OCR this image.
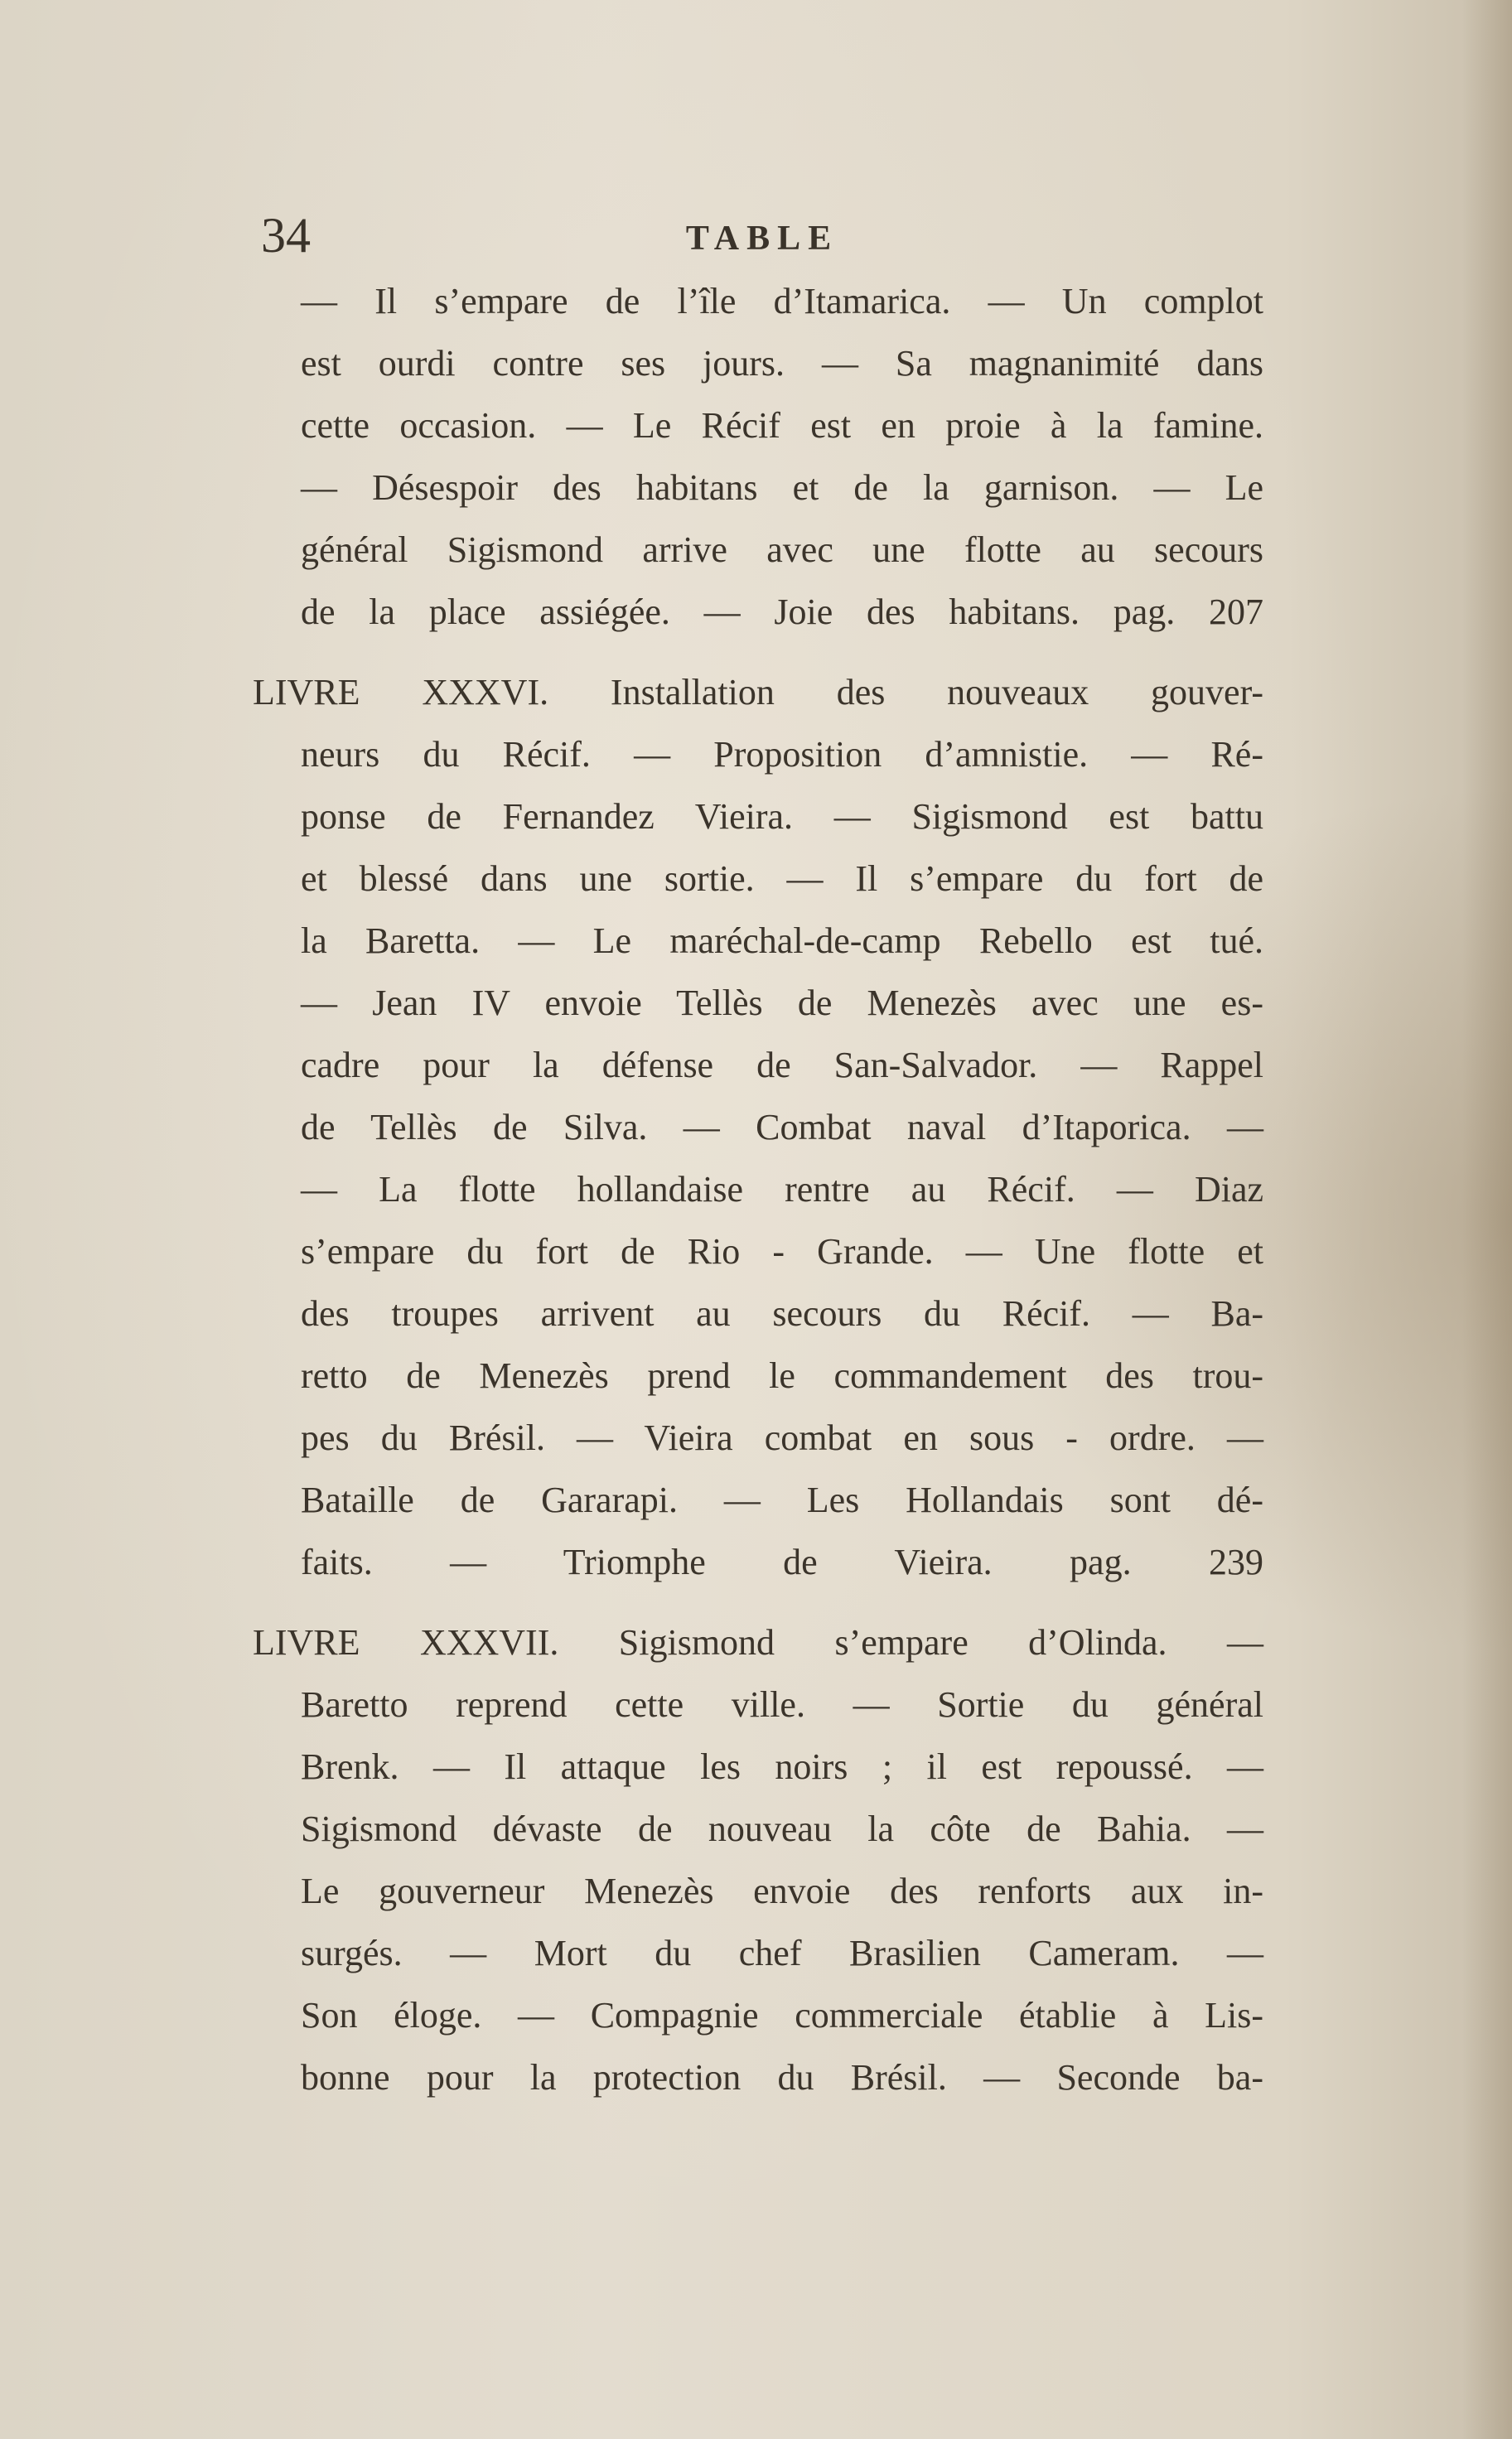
34	TABLE
— Il s’empare de l’île d’Itamarica. — Un complot
est ourdi contre ses jours. — Sa magnanimité dans
cette occasion. — Le Récif est en proie à la famine.
— Désespoir des habitans et de la garnison. — Le
général Sigismond arrive avec une flotte au secours
de la place assiégée. — Joie des habitans. pag. 207
LIVRE XXXVI. Installation des nouveaux gouver-
neurs du Récif. — Proposition d’amnistie. — Ré-
ponse de Fernandez Vieira. — Sigismond est battu
et blessé dans une sortie. — Il s’empare du fort de
la Baretta. — Le maréchal-de-camp Rebello est tué.
— Jean IV envoie Tellès de Menezès avec une es-
cadre pour la défense de San-Salvador. — Rappel
de Tellès de Silva. — Combat naval d’Itaporica. —
— La flotte hollandaise rentre au Récif. — Diaz
s’empare du fort de Rio - Grande. — Une flotte et
des troupes arrivent au secours du Récif. — Ba-
retto de Menezès prend le commandement des trou-
pes du Brésil. — Vieira combat en sous - ordre. —
Bataille de Gararapi. — Les Hollandais sont dé-
faits. — Triomphe de Vieira. pag. 239
LIVRE XXXVII. Sigismond s’empare d’Olinda. —
Baretto reprend cette ville. — Sortie du général
Brenk. — Il attaque les noirs ; il est repoussé. —
Sigismond dévaste de nouveau la côte de Bahia. —
Le gouverneur Menezès envoie des renforts aux in-
surgés. — Mort du chef Brasilien Cameram. —
Son éloge. — Compagnie commerciale établie à Lis-
bonne pour la protection du Brésil. — Seconde ba-
